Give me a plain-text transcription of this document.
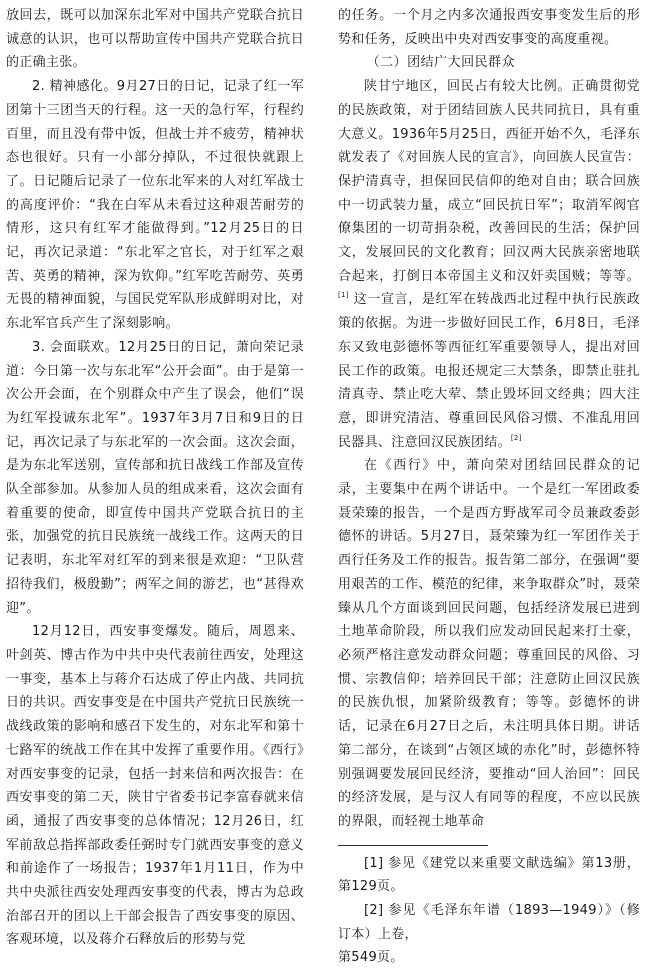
放回去，既可以加深东北军对中国共产党联合抗日诚意的认识，也可以帮助宣传中国共产党联合抗日的正确主张。

2. 精神感化。9月27日的日记，记录了红一军团第十三团当天的行程。这一天的急行军，行程约百里，而且没有带中饭，但战士并不疲劳，精神状态也很好。只有一小部分掉队，不过很快就跟上了。日记随后记录了一位东北军来的人对红军战士的高度评价：“我在白军从未看过这种艰苦耐劳的情形，这只有红军才能做得到。”12月25日的日记，再次记录道：“东北军之官长，对于红军之艰苦、英勇的精神，深为钦仰。”红军吃苦耐劳、英勇无畏的精神面貌，与国民党军队形成鲜明对比，对东北军官兵产生了深刻影响。

3. 会面联欢。12月25日的日记，萧向荣记录道：今日第一次与东北军“公开会面”。由于是第一次公开会面，在个别群众中产生了误会，他们“误为红军投诚东北军”。1937年3月7日和9日的日记，再次记录了与东北军的一次会面。这次会面，是为东北军送别，宣传部和抗日战线工作部及宣传队全部参加。从参加人员的组成来看，这次会面有着重要的使命，即宣传中国共产党联合抗日的主张，加强党的抗日民族统一战线工作。这两天的日记表明，东北军对红军的到来很是欢迎：“卫队营招待我们，极殷勤”；两军之间的游艺，也“甚得欢迎”。

12月12日，西安事变爆发。随后，周恩来、叶剑英、博古作为中共中央代表前往西安，处理这一事变，基本上与蒋介石达成了停止内战、共同抗日的共识。西安事变是在中国共产党抗日民族统一战线政策的影响和感召下发生的，对东北军和第十七路军的统战工作在其中发挥了重要作用。《西行》对西安事变的记录，包括一封来信和两次报告：在西安事变的第二天，陕甘宁省委书记李富春就来信函，通报了西安事变的总体情况；12月26日，红军前敌总指挥部政委任弼时专门就西安事变的意义和前途作了一场报告；1937年1月11日，作为中共中央派往西安处理西安事变的代表，博古为总政治部召开的团以上干部会报告了西安事变的原因、客观环境，以及蒋介石释放后的形势与党

的任务。一个月之内多次通报西安事变发生后的形势和任务，反映出中央对西安事变的高度重视。

（二）团结广大回民群众

陕甘宁地区，回民占有较大比例。正确贯彻党的民族政策，对于团结回族人民共同抗日，具有重大意义。1936年5月25日，西征开始不久，毛泽东就发表了《对回族人民的宣言》，向回族人民宣告：保护清真寺，担保回民信仰的绝对自由；联合回族中一切武装力量，成立“回民抗日军”；取消军阀官僚集团的一切苛捐杂税，改善回民的生活；保护回文，发展回民的文化教育；回汉两大民族亲密地联合起来，打倒日本帝国主义和汉奸卖国贼；等等。[1] 这一宣言，是红军在转战西北过程中执行民族政策的依据。为进一步做好回民工作，6月8日，毛泽东又致电彭德怀等西征红军重要领导人，提出对回民工作的政策。电报还规定三大禁条，即禁止驻扎清真寺、禁止吃大荤、禁止毁坏回文经典；四大注意，即讲究清洁、尊重回民风俗习惯、不准乱用回民器具、注意回汉民族团结。[2]

在《西行》中，萧向荣对团结回民群众的记录，主要集中在两个讲话中。一个是红一军团政委聂荣臻的报告，一个是西方野战军司令员兼政委彭德怀的讲话。5月27日，聂荣臻为红一军团作关于西行任务及工作的报告。报告第二部分，在强调“要用艰苦的工作、模范的纪律，来争取群众”时，聂荣臻从几个方面谈到回民问题，包括经济发展已进到土地革命阶段，所以我们应发动回民起来打土豪，必须严格注意发动群众问题；尊重回民的风俗、习惯、宗教信仰；培养回民干部；注意防止回汉民族的民族仇恨，加紧阶级教育；等等。彭德怀的讲话，记录在6月27日之后，未注明具体日期。讲话第二部分，在谈到“占领区域的赤化”时，彭德怀特别强调要发展回民经济，要推动“回人治回”：回民的经济发展，是与汉人有同等的程度，不应以民族的界限，而轻视土地革命

[1] 参见《建党以来重要文献选编》第13册，第129页。

[2] 参见《毛泽东年谱（1893—1949）》（修订本）上卷，

第549页。
